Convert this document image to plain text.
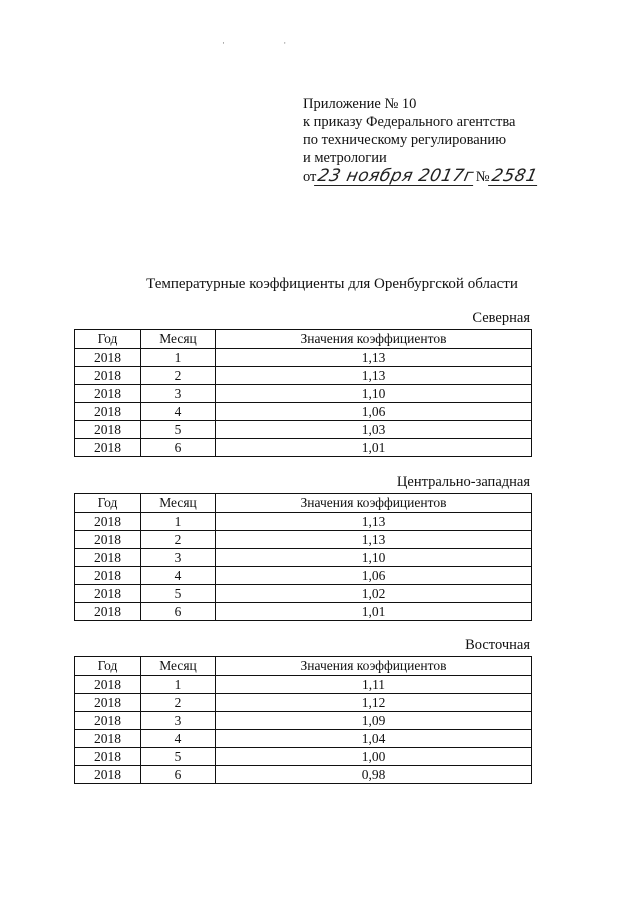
· ·
Приложение № 10
к приказу Федерального агентства
по техническому регулированию
и метрологии
от23 ноября 2017г№2581
Температурные коэффициенты для Оренбургской области
Северная
Год	Месяц	Значения коэффициентов
2018	1	1,13
2018	2	1,13
2018	3	1,10
2018	4	1,06
2018	5	1,03
2018	6	1,01
Центрально-западная
Год	Месяц	Значения коэффициентов
2018	1	1,13
2018	2	1,13
2018	3	1,10
2018	4	1,06
2018	5	1,02
2018	6	1,01
Восточная
Год	Месяц	Значения коэффициентов
2018	1	1,11
2018	2	1,12
2018	3	1,09
2018	4	1,04
2018	5	1,00
2018	6	0,98
